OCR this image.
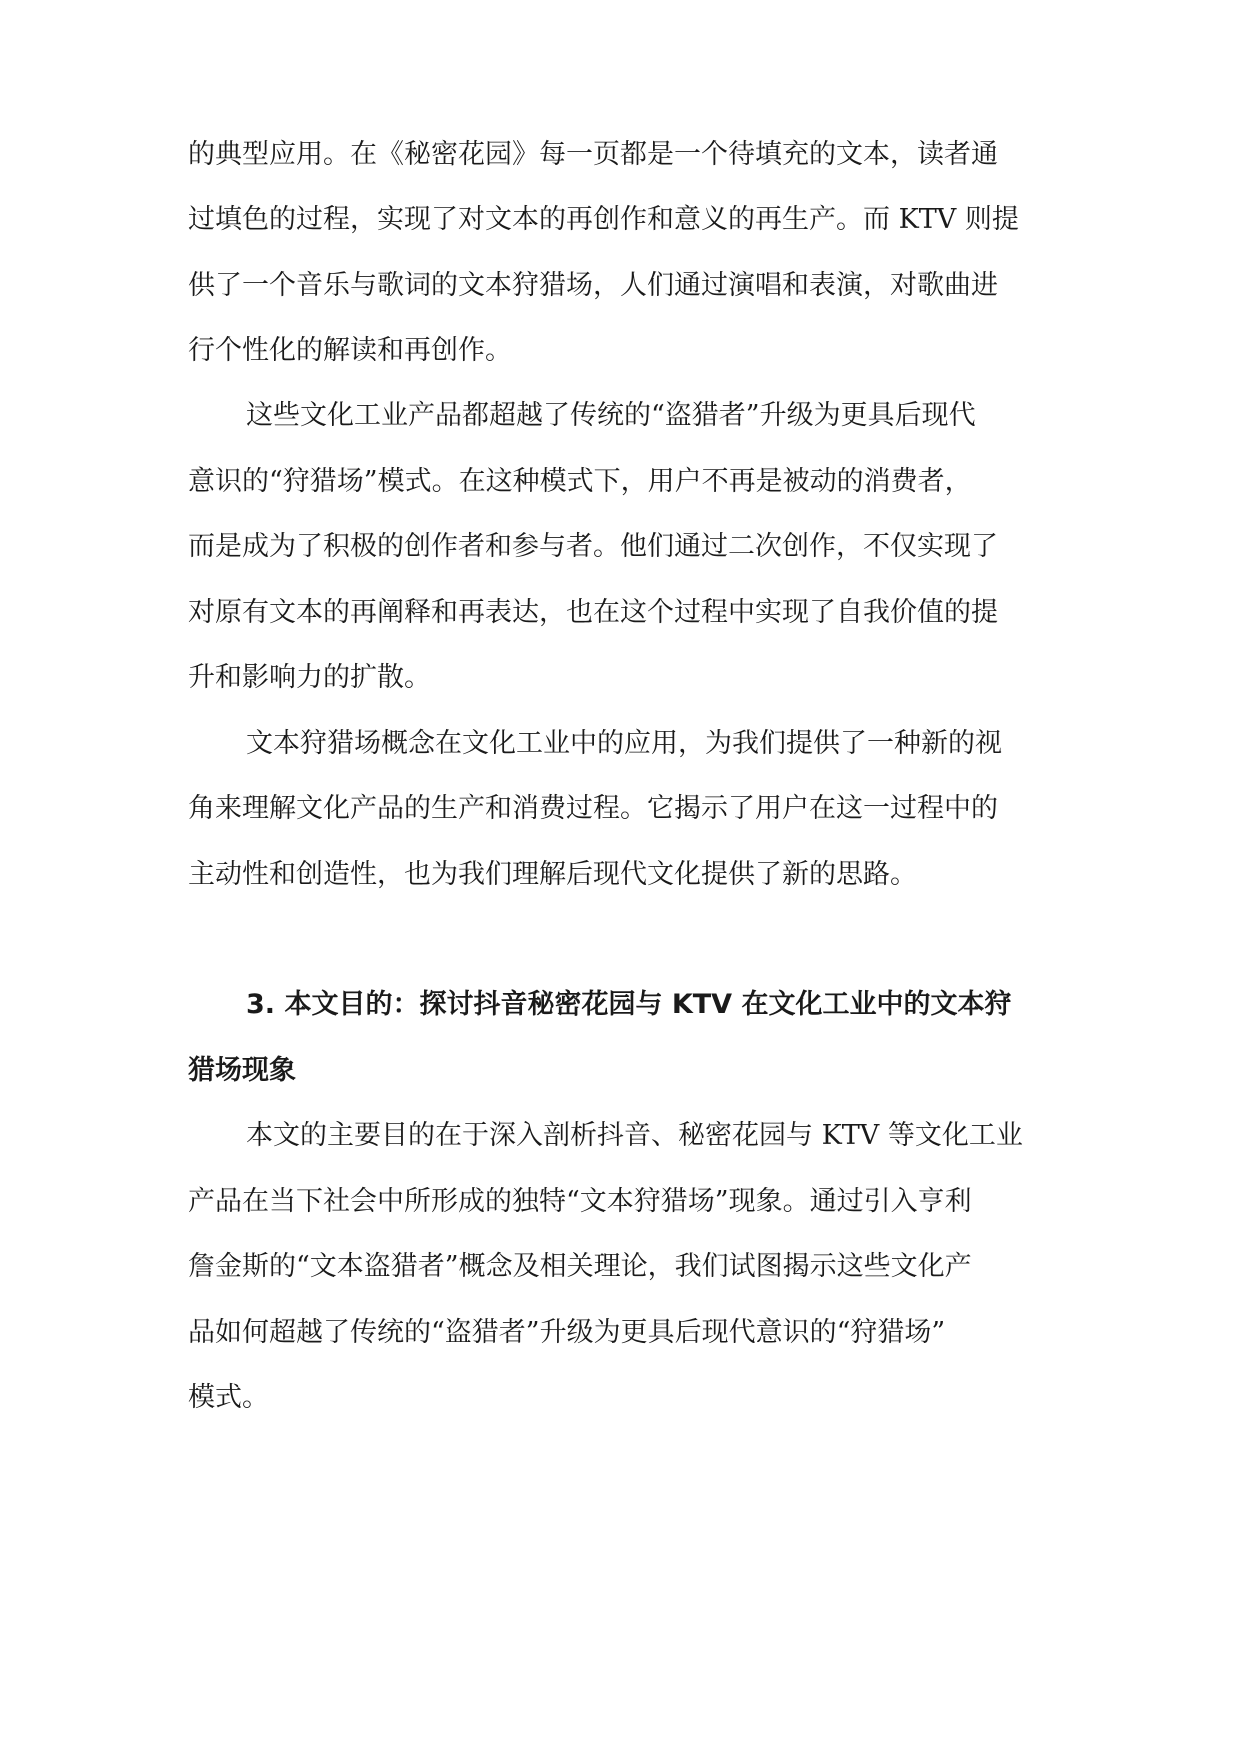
的典型应用。在《秘密花园》每一页都是一个待填充的文本，读者通
过填色的过程，实现了对文本的再创作和意义的再生产。而 KTV 则提
供了一个音乐与歌词的文本狩猎场，人们通过演唱和表演，对歌曲进
行个性化的解读和再创作。
这些文化工业产品都超越了传统的“盗猎者”升级为更具后现代
意识的“狩猎场”模式。在这种模式下，用户不再是被动的消费者，
而是成为了积极的创作者和参与者。他们通过二次创作，不仅实现了
对原有文本的再阐释和再表达，也在这个过程中实现了自我价值的提
升和影响力的扩散。
文本狩猎场概念在文化工业中的应用，为我们提供了一种新的视
角来理解文化产品的生产和消费过程。它揭示了用户在这一过程中的
主动性和创造性，也为我们理解后现代文化提供了新的思路。
3. 本文目的：探讨抖音秘密花园与 KTV 在文化工业中的文本狩
猎场现象
本文的主要目的在于深入剖析抖音、秘密花园与 KTV 等文化工业
产品在当下社会中所形成的独特“文本狩猎场”现象。通过引入亨利
詹金斯的“文本盗猎者”概念及相关理论，我们试图揭示这些文化产
品如何超越了传统的“盗猎者”升级为更具后现代意识的“狩猎场”
模式。
